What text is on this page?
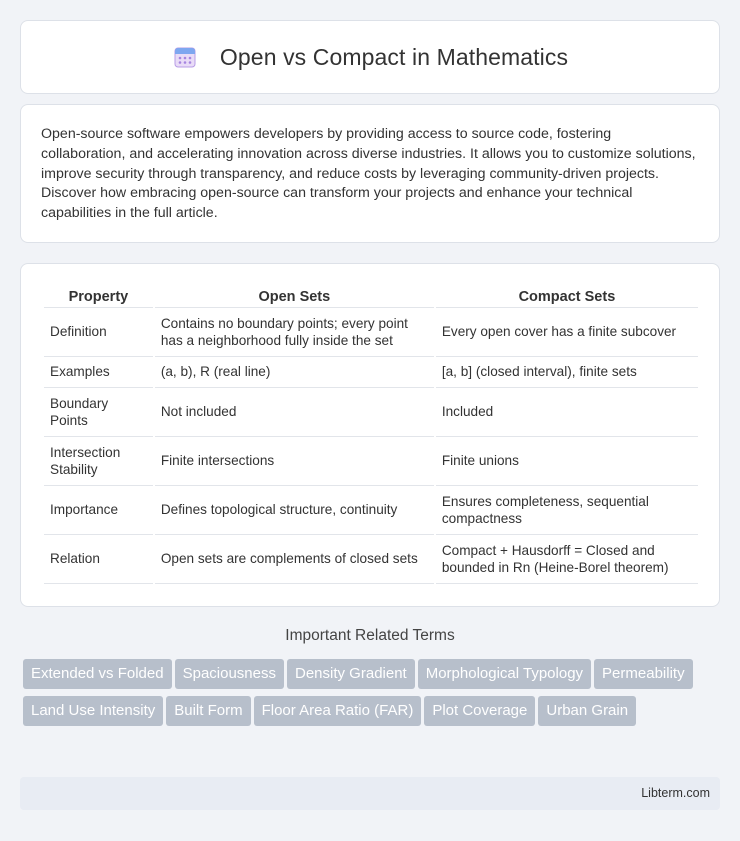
Open vs Compact in Mathematics

Open-source software empowers developers by providing access to source code, fostering collaboration, and accelerating innovation across diverse industries. It allows you to customize solutions, improve security through transparency, and reduce costs by leveraging community-driven projects. Discover how embracing open-source can transform your projects and enhance your technical capabilities in the full article.

Property	Open Sets	Compact Sets
Definition	Contains no boundary points; every point has a neighborhood fully inside the set	Every open cover has a finite subcover
Examples	(a, b), R (real line)	[a, b] (closed interval), finite sets
Boundary Points	Not included	Included
Intersection Stability	Finite intersections	Finite unions
Importance	Defines topological structure, continuity	Ensures completeness, sequential compactness
Relation	Open sets are complements of closed sets	Compact + Hausdorff = Closed and bounded in Rn (Heine-Borel theorem)
Important Related Terms
Extended vs Folded Spaciousness Density Gradient Morphological Typology PermeabilityLand Use Intensity Built Form Floor Area Ratio (FAR) Plot Coverage Urban Grain
Libterm.com
